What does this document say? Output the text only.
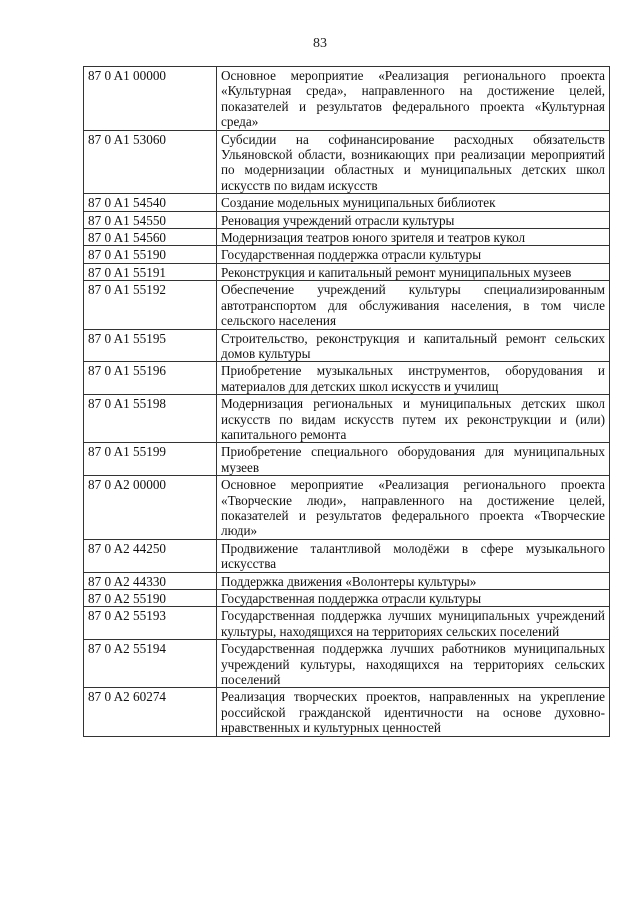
83
87 0 A1 00000	Основное мероприятие «Реализация регионального проекта «Культурная среда», направленного на достижение целей, показателей и результатов федерального проекта «Культурная среда»
87 0 A1 53060	Субсидии на софинансирование расходных обязательств Ульяновской области, возникающих при реализации мероприятий по модернизации областных и муниципальных детских школ искусств по видам искусств
87 0 A1 54540	Создание модельных муниципальных библиотек
87 0 A1 54550	Реновация учреждений отрасли культуры
87 0 A1 54560	Модернизация театров юного зрителя и театров кукол
87 0 A1 55190	Государственная поддержка отрасли культуры
87 0 A1 55191	Реконструкция и капитальный ремонт муниципальных музеев
87 0 A1 55192	Обеспечение учреждений культуры специализированным автотранспортом для обслуживания населения, в том числе сельского населения
87 0 A1 55195	Строительство, реконструкция и капитальный ремонт сельских домов культуры
87 0 A1 55196	Приобретение музыкальных инструментов, оборудования и материалов для детских школ искусств и училищ
87 0 A1 55198	Модернизация региональных и муниципальных детских школ искусств по видам искусств путем их реконструкции и (или) капитального ремонта
87 0 A1 55199	Приобретение специального оборудования для муниципальных музеев
87 0 A2 00000	Основное мероприятие «Реализация регионального проекта «Творческие люди», направленного на достижение целей, показателей и результатов федерального проекта «Творческие люди»
87 0 A2 44250	Продвижение талантливой молодёжи в сфере музыкального искусства
87 0 A2 44330	Поддержка движения «Волонтеры культуры»
87 0 A2 55190	Государственная поддержка отрасли культуры
87 0 A2 55193	Государственная поддержка лучших муниципальных учреждений культуры, находящихся на территориях сельских поселений
87 0 A2 55194	Государственная поддержка лучших работников муниципальных учреждений культуры, находящихся на территориях сельских поселений
87 0 A2 60274	Реализация творческих проектов, направленных на укрепление российской гражданской идентичности на основе духовно-нравственных и культурных ценностей
